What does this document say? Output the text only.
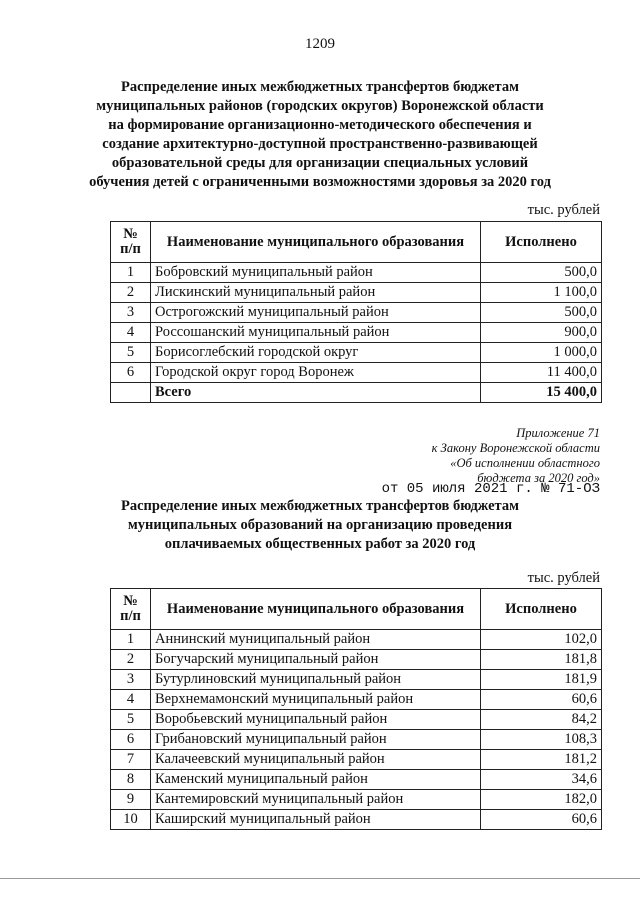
1209
Распределение иных межбюджетных трансфертов бюджетам
муниципальных районов (городских округов) Воронежской области
на формирование организационно-методического обеспечения и
создание архитектурно-доступной пространственно-развивающей
образовательной среды для организации специальных условий
обучения детей с ограниченными возможностями здоровья за 2020 год
тыс. рублей
№
п/п	Наименование муниципального образования	Исполнено
1	Бобровский муниципальный район	500,0
2	Лискинский муниципальный район	1 100,0
3	Острогожский муниципальный район	500,0
4	Россошанский муниципальный район	900,0
5	Борисоглебский городской округ	1 000,0
6	Городской округ город Воронеж	11 400,0
	Всего	15 400,0
Приложение 71
к Закону Воронежской области
«Об исполнении областного
бюджета за 2020 год»
от 05 июля 2021 г. № 71-ОЗ
Распределение иных межбюджетных трансфертов бюджетам
муниципальных образований на организацию проведения
оплачиваемых общественных работ за 2020 год
тыс. рублей
№
п/п	Наименование муниципального образования	Исполнено
1	Аннинский муниципальный район	102,0
2	Богучарский муниципальный район	181,8
3	Бутурлиновский муниципальный район	181,9
4	Верхнемамонский муниципальный район	60,6
5	Воробьевский муниципальный район	84,2
6	Грибановский муниципальный район	108,3
7	Калачеевский муниципальный район	181,2
8	Каменский муниципальный район	34,6
9	Кантемировский муниципальный район	182,0
10	Каширский муниципальный район	60,6
